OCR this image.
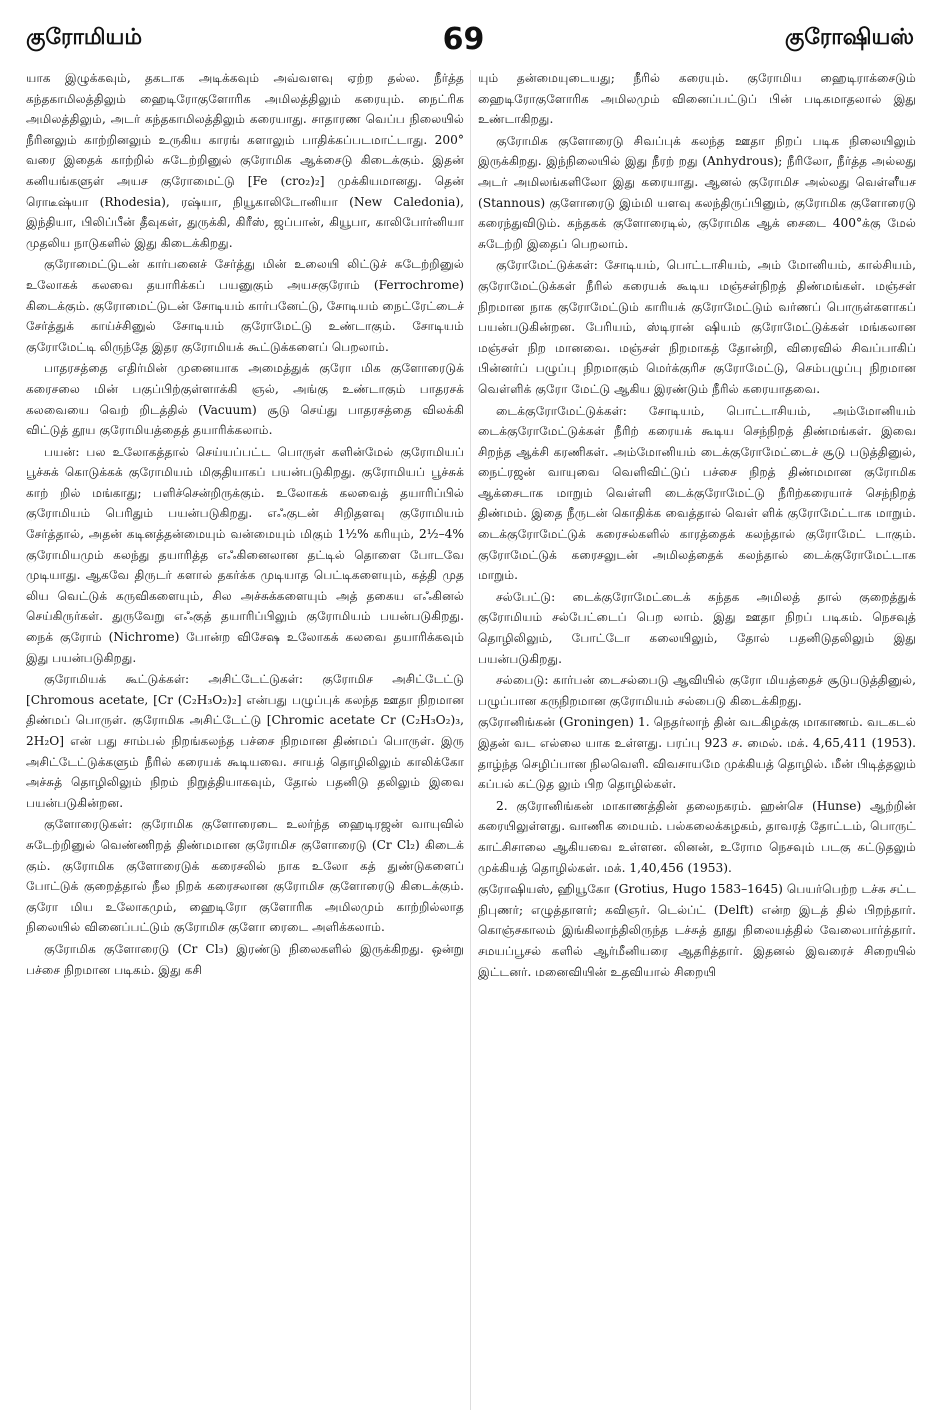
குரோமியம்	69	குரோஷியஸ்

யாக இழுக்கவும், தகடாக அடிக்கவும் அவ்வளவு ஏற்ற தல்ல. நீர்த்த கந்தகாமிலத்திலும் ஹைடிரோகுளோரிக அமிலத்திலும் கரையும். நைட்ரிக அமிலத்திலும், அடர் கந்தகாமிலத்திலும் கரையாது. சாதாரண வெப்ப நிலையில் நீரினலும் காற்றினலும் உருகிய காரங் களாலும் பாதிக்கப்படமாட்டாது. 200° வரை இதைக் காற்றில் சுடேற்றினுல் குரோமிக ஆக்சைடு கிடைக்கும். இதன் கனியங்களுள் அயச குரோமைட்டு [Fe (cro₂)₂] முக்கியமானது. தென் ரொடீஷ்யா (Rhodesia), ரஷ்யா, நியூகாலிடோனியா (New Caledonia), இந்தியா, பிலிப்பீன் தீவுகள், துருக்கி, கிரீஸ், ஜப்பான், கியூபா, காலிபோர்னியா முதலிய நாடுகளில் இது கிடைக்கிறது.

குரோமைட்டுடன் கார்பனைச் சேர்த்து மின் உலையி லிட்டுச் சுடேற்றினுல் உலோகக் கலவை தயாரிக்கப் பயனுகும் அயசகுரோம் (Ferrochrome) கிடைக்கும். குரோமைட்டுடன் சோடியம் கார்பனேட்டு, சோடியம் நைட்ரேட்டைச் சேர்த்துக் காய்ச்சினுல் சோடியம் குரோமேட்டு உண்டாகும். சோடியம் குரோமேட்டி லிருந்தே இதர குரோமியக் கூட்டுக்களைப் பெறலாம்.

பாதரசத்தை எதிர்மின் முனையாக அமைத்துக் குரோ மிக குளோரைடுக் கரைசலை மின் பகுப்பிற்குள்ளாக்கி ஞல், அங்கு உண்டாகும் பாதரசக் கலவையை வெற் றிடத்தில் (Vacuum) சூடு செய்து பாதரசத்தை விலக்கி விட்டுத் தூய குரோமியத்தைத் தயாரிக்கலாம்.

பயன்: பல உலோகத்தால் செய்யப்பட்ட பொருள் களின்மேல் குரோமியப் பூச்சுக் கொடுக்கக் குரோமியம் மிகுதியாகப் பயன்படுகிறது. குரோமியப் பூச்சுக் காற் றில் மங்காது; பளிச்சென்றிருக்கும். உலோகக் கலவைத் தயாரிப்பில் குரோமியம் பெரிதும் பயன்படுகிறது. எஃகுடன் சிறிதளவு குரோமியம் சேர்த்தால், அதன் கடினத்தன்மையும் வன்மையும் மிகும் 1½% கரியும், 2½–4% குரோமியமும் கலந்து தயாரித்த எஃகினைலான தட்டில் தொளை போடவே முடியாது. ஆகவே திருடர் களால் தகர்க்க முடியாத பெட்டிகளையும், கத்தி முத லிய வெட்டுக் கருவிகளையும், சில அச்சுக்களையும் அத் தகைய எஃகினல் செய்கிருர்கள். துருவேறு எஃகுத் தயாரிப்பிலும் குரோமியம் பயன்படுகிறது. நைக் குரோம் (Nichrome) போன்ற விசேஷ உலோகக் கலவை தயாரிக்கவும் இது பயன்படுகிறது.

குரோமியக் கூட்டுக்கள்: அசிட்டேட்டுகள்: குரோமிச அசிட்டேட்டு [Chromous acetate, [Cr (C₂H₃O₂)₂] என்பது பழுப்புக் கலந்த ஊதா நிறமான திண்மப் பொருள். குரோமிக அசிட்டேட்டு [Chromic acetate Cr (C₂H₃O₂)₃, 2H₂O] என் பது சாம்பல் நிறங்கலந்த பச்சை நிறமான திண்மப் பொருள். இரு அசிட்டேட்டுக்களும் நீரில் கரையக் கூடியவை. சாயத் தொழிலிலும் காலிக்கோ அச்சுத் தொழிலிலும் நிறம் நிறுத்தியாகவும், தோல் பதனிடு தலிலும் இவை பயன்படுகின்றன.

குளோரைடுகள்: குரோமிக குளோரைடை உலர்ந்த ஹைடிரஜன் வாயுவில் சுடேற்றினுல் வெண்ணிறத் திண்மமான குரோமிச குளோரைடு (Cr Cl₂) கிடைக் கும். குரோமிக குளோரைடுக் கரைசலில் நாக உலோ கத் துண்டுகளைப் போட்டுக் குறைத்தால் நீல நிறக் கரைசலான குரோமிச குளோரைடு கிடைக்கும். குரோ மிய உலோகமும், ஹைடிரோ குளோரிக அமிலமும் காற்றில்லாத நிலையில் வினைப்பட்டும் குரோமிச குளோ ரைடை அளிக்கலாம்.

குரோமிக குளோரைடு (Cr Cl₃) இரண்டு நிலைகளில் இருக்கிறது. ஒன்று பச்சை நிறமான படிகம். இது கசி

யும் தன்மையுடையது; நீரில் கரையும். குரோமிய ஹைடிராக்சைடும் ஹைடிரோகுளோரிக அமிலமும் வினைப்பட்டுப் பின் படிகமாதலால் இது உண்டாகிறது.

குரோமிக குளோரைடு சிவப்புக் கலந்த ஊதா நிறப் படிக நிலையிலும் இருக்கிறது. இந்நிலையில் இது நீரற் றது (Anhydrous); நீரிலோ, நீர்த்த அல்லது அடர் அமிலங்களிலோ இது கரையாது. ஆனல் குரோமிச அல்லது வெள்ளீயச (Stannous) குளோரைடு இம்மி யளவு கலந்திருப்பினும், குரோமிக குளோரைடு கரைந்துவிடும். கந்தகக் குளோரைடில், குரோமிக ஆக் சைடை 400°க்கு மேல் சுடேற்றி இதைப் பெறலாம்.

குரோமேட்டுக்கள்: சோடியம், பொட்டாசியம், அம் மோனியம், கால்சியம், குரோமேட்டுக்கள் நீரில் கரையக் கூடிய மஞ்சள்நிறத் திண்மங்கள். மஞ்சள் நிறமான நாக குரோமேட்டும் காரியக் குரோமேட்டும் வர்ணப் பொருள்களாகப் பயன்படுகின்றன. பேரியம், ஸ்டிரான் ஷியம் குரோமேட்டுக்கள் மங்கலான மஞ்சள் நிற மானவை. மஞ்சள் நிறமாகத் தோன்றி, விரைவில் சிவப்பாகிப் பின்னர்ப் பழுப்பு நிறமாகும் மெர்க்குரிச குரோமேட்டு, செம்பழுப்பு நிறமான வெள்ளிக் குரோ மேட்டு ஆகிய இரண்டும் நீரில் கரையாதவை.

டைக்குரோமேட்டுக்கள்: சோடியம், பொட்டாசியம், அம்மோனியம் டைக்குரோமேட்டுக்கள் நீரிற் கரையக் கூடிய செந்நிறத் திண்மங்கள். இவை சிறந்த ஆக்சி கரணிகள். அம்மோனியம் டைக்குரோமேட்டைச் சூடு படுத்தினுல், நைட்ரஜன் வாயுவை வெளிவிட்டுப் பச்சை நிறத் திண்மமான குரோமிக ஆக்சைடாக மாறும் வெள்ளி டைக்குரோமேட்டு நீரிற்கரையாச் செந்நிறத் திண்மம். இதை நீருடன் கொதிக்க வைத்தால் வெள் ளிக் குரோமேட்டாக மாறும். டைக்குரோமேட்டுக் கரைசல்களில் காரத்தைக் கலந்தால் குரோமேட் டாகும். குரோமேட்டுக் கரைசலுடன் அமிலத்தைக் கலந்தால் டைக்குரோமேட்டாக மாறும்.

சல்பேட்டு: டைக்குரோமேட்டைக் கந்தக அமிலத் தால் குறைத்துக் குரோமியம் சல்பேட்டைப் பெற லாம். இது ஊதா நிறப் படிகம். நெசவுத் தொழிலிலும், போட்டோ கலையிலும், தோல் பதனிடுதலிலும் இது பயன்படுகிறது.

சல்பைடு: கார்பன் டைசல்பைடு ஆவியில் குரோ மியத்தைச் சூடுபடுத்தினுல், பழுப்பான கருநிறமான குரோமியம் சல்பைடு கிடைக்கிறது.

குரோனிங்கன் (Groningen) 1. நெதர்லாந் தின் வடகிழக்கு மாகாணம். வடகடல் இதன் வட எல்லை யாக உள்ளது. பரப்பு 923 ச. மைல். மக். 4,65,411 (1953). தாழ்ந்த செழிப்பான நிலவெளி. விவசாயமே முக்கியத் தொழில். மீன் பிடித்தலும் கப்பல் கட்டுத லும் பிற தொழில்கள்.

2. குரோனிங்கன் மாகாணத்தின் தலைநகரம். ஹன்செ (Hunse) ஆற்றின் கரையிலுள்ளது. வாணிக மையம். பல்கலைக்கழகம், தாவரத் தோட்டம், பொருட் காட்சிசாலை ஆகியவை உள்ளன. லினன், உரோம நெசவும் படகு கட்டுதலும் முக்கியத் தொழில்கள். மக். 1,40,456 (1953).

குரோஷியஸ், ஹியூகோ (Grotius, Hugo 1583–1645) பெயர்பெற்ற டச்சு சட்ட நிபுணர்; எழுத்தாளர்; கவிஞர். டெல்ப்ட் (Delft) என்ற இடத் தில் பிறந்தார். கொஞ்சகாலம் இங்கிலாந்திலிருந்த டச்சுத் தூது நிலையத்தில் வேலைபார்த்தார். சமயப்பூசல் களில் ஆர்மீனியரை ஆதரித்தார். இதனல் இவரைச் சிறையில் இட்டனர். மனைவியின் உதவியால் சிறையி
